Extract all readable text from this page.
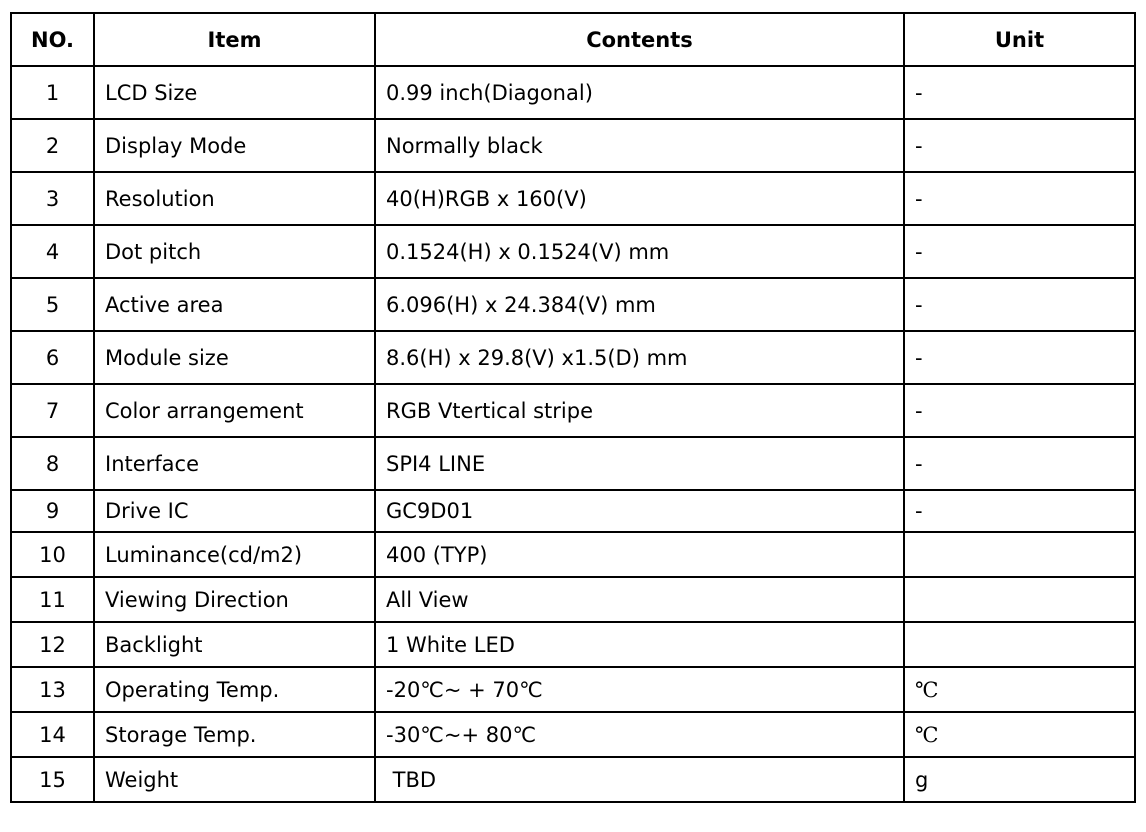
NO.	Item	Contents	Unit
1	LCD Size	0.99 inch(Diagonal)	-
2	Display Mode	Normally black	-
3	Resolution	40(H)RGB x 160(V)	-
4	Dot pitch	0.1524(H) x 0.1524(V) mm	-
5	Active area	6.096(H) x 24.384(V) mm	-
6	Module size	8.6(H) x 29.8(V) x1.5(D) mm	-
7	Color arrangement	RGB Vtertical stripe	-
8	Interface	SPI4 LINE	-
9	Drive IC	GC9D01	-
10	Luminance(cd/m2)	400 (TYP)	
11	Viewing Direction	All View	
12	Backlight	1 White LED	
13	Operating Temp.	-20℃~ + 70℃	℃
14	Storage Temp.	-30℃~+ 80℃	℃
15	Weight	TBD	g
